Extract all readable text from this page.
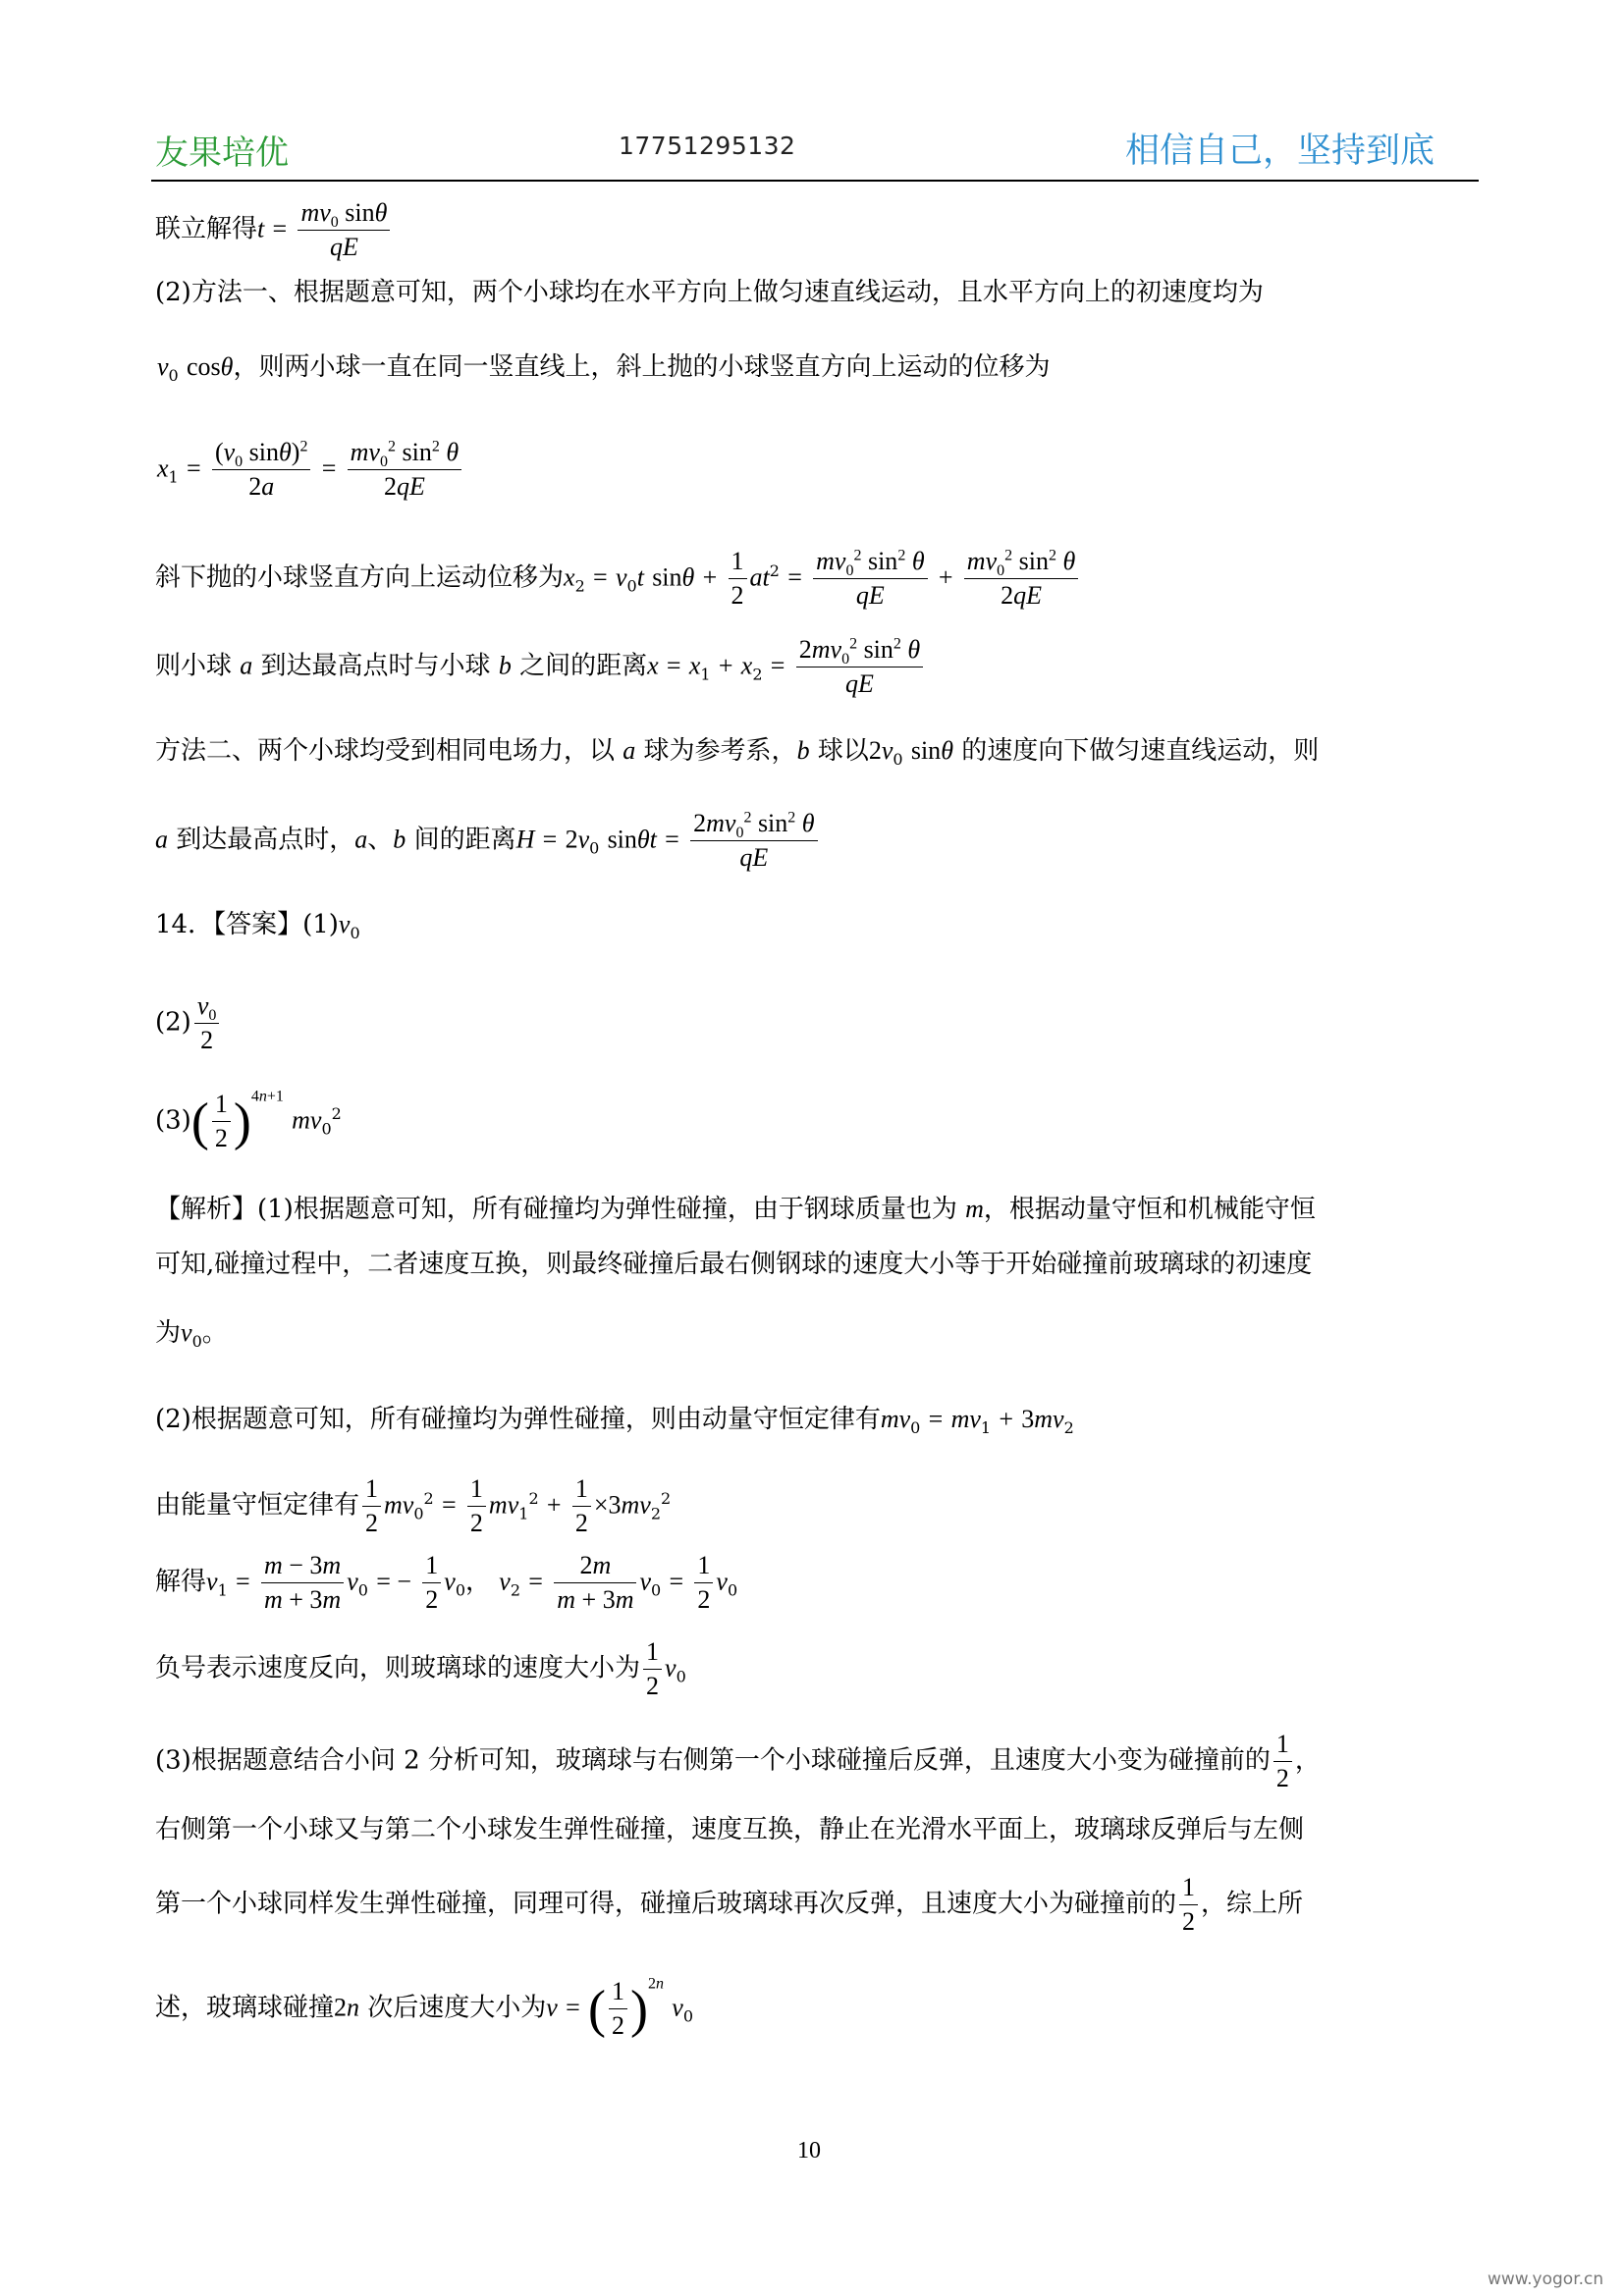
友果培优	17751295132	相信自己，坚持到底
联立解得$t = \frac{mv_0 \sin\theta}{qE}$
(2)方法一、根据题意可知，两个小球均在水平方向上做匀速直线运动，且水平方向上的初速度均为
$v_0$ cosθ，则两小球一直在同一竖直线上，斜上抛的小球竖直方向上运动的位移为
$x_1 = \frac{(v_0 \sin\theta)^2}{2a} = \frac{mv_0^2 \sin^2 \theta}{2qE}$
斜下抛的小球竖直方向上运动位移为$x_2 = v_0t$ $\sin\theta + \frac{1}{2} at^2 = \frac{mv_0^2 \sin^2 \theta}{qE} + \frac{mv_0^2 \sin^2 \theta}{2qE}$
则小球 a 到达最高点时与小球 b 之间的距离$x = x_1 + x_2 = \frac{2mv_0^2 \sin^2 \theta}{qE}$
方法二、两个小球均受到相同电场力，以 a 球为参考系，b 球以$2v_0$ sinθ 的速度向下做匀速直线运动，则
a 到达最高点时，a、b 间的距离$H = 2v_0$ $\sin\theta t = \frac{2mv_0^2 \sin^2 \theta}{qE}$
14．【答案】$(1)v_0$
$(2) \frac{v_0}{2}$
$(3)( \frac{1}{2} )^{4n+1}$ $mv_0^2$
【解析】(1)根据题意可知，所有碰撞均为弹性碰撞，由于钢球质量也为 m，根据动量守恒和机械能守恒
可知,碰撞过程中，二者速度互换，则最终碰撞后最右侧钢球的速度大小等于开始碰撞前玻璃球的初速度
为$v_0$。
(2)根据题意可知，所有碰撞均为弹性碰撞，则由动量守恒定律有$mv_0 = mv_1 + 3mv_2$
由能量守恒定律有 $\frac{1}{2} mv_0^2 = \frac{1}{2} mv_1^2 + \frac{1}{2} \times 3mv_2^2$
解得$v_1 = \frac{m - 3m}{m + 3m} v_0$ = − $\frac{1}{2} v_0$， $v_2 = \frac{2m}{m + 3m} v_0 = \frac{1}{2} v_0$
负号表示速度反向，则玻璃球的速度大小为 $\frac{1}{2} v_0$
(3)根据题意结合小问 2 分析可知，玻璃球与右侧第一个小球碰撞后反弹，且速度大小变为碰撞前的 $\frac{1}{2}$ ，
右侧第一个小球又与第二个小球发生弹性碰撞，速度互换，静止在光滑水平面上，玻璃球反弹后与左侧
第一个小球同样发生弹性碰撞，同理可得，碰撞后玻璃球再次反弹，且速度大小为碰撞前的 $\frac{1}{2}$ ，综上所
述，玻璃球碰撞2n 次后速度大小为v = ( $\frac{1}{2} )^{2n}$ $v_0$
10
www.yogor.cn
